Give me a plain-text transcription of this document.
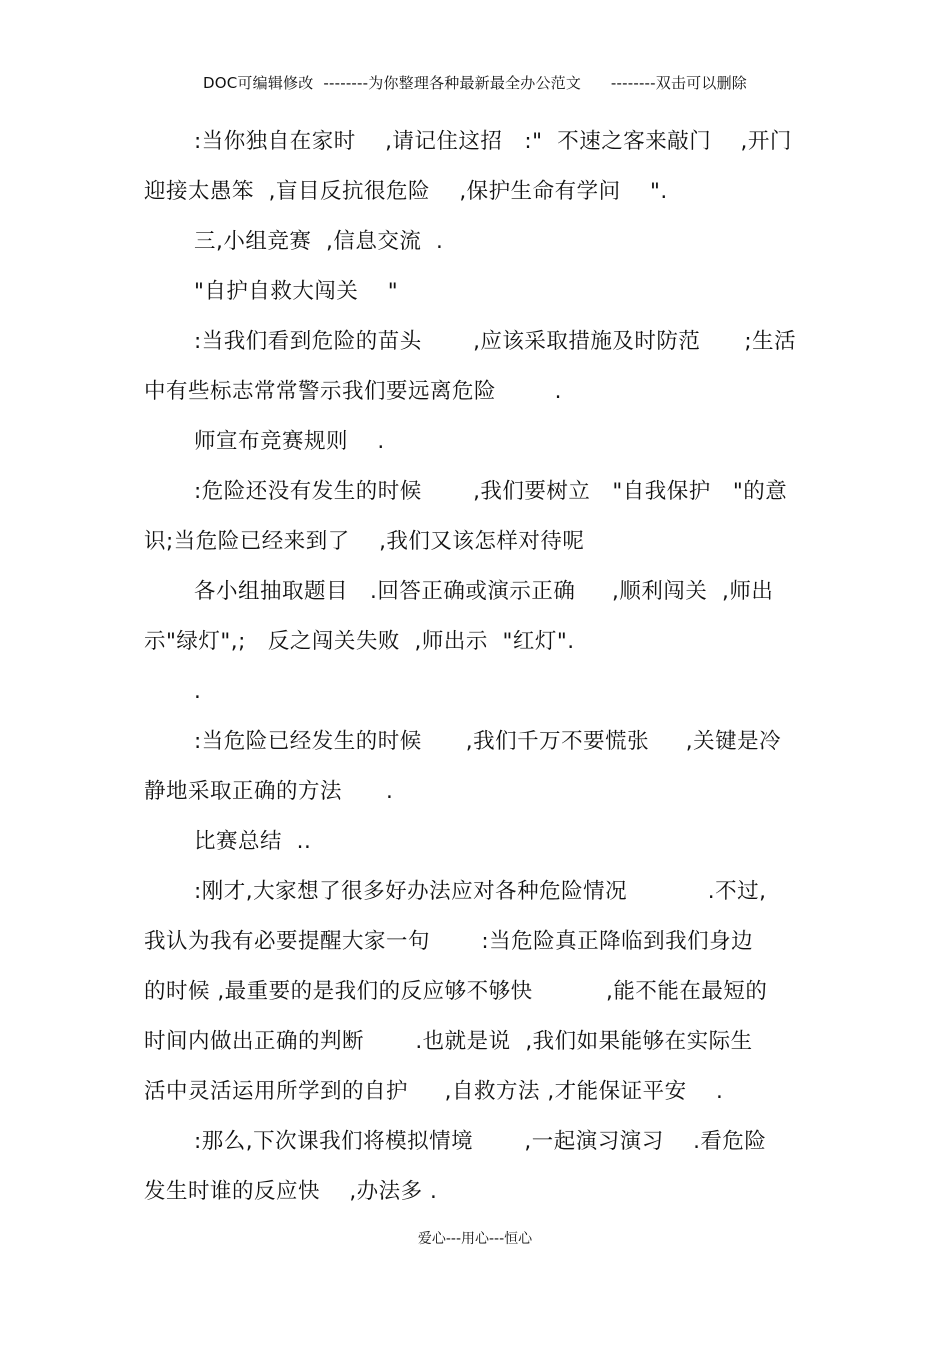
DOC可编辑修改  --------为你整理各种最新最全办公范文      --------双击可以删除
:当你独自在家时    ,请记住这招   :"  不速之客来敲门    ,开门
迎接太愚笨  ,盲目反抗很危险    ,保护生命有学问    ".
三,小组竞赛  ,信息交流  .
"自护自救大闯关    "
:当我们看到危险的苗头       ,应该采取措施及时防范      ;生活
中有些标志常常警示我们要远离危险        .
师宣布竞赛规则    .
:危险还没有发生的时候       ,我们要树立   "自我保护   "的意
识;当危险已经来到了    ,我们又该怎样对待呢
各小组抽取题目   .回答正确或演示正确     ,顺利闯关  ,师出
示"绿灯",;   反之闯关失败  ,师出示  "红灯".
.
:当危险已经发生的时候      ,我们千万不要慌张     ,关键是冷
静地采取正确的方法      .
比赛总结  ..
:刚才,大家想了很多好办法应对各种危险情况           .不过,
我认为我有必要提醒大家一句       :当危险真正降临到我们身边
的时候 ,最重要的是我们的反应够不够快          ,能不能在最短的
时间内做出正确的判断       .也就是说  ,我们如果能够在实际生
活中灵活运用所学到的自护     ,自救方法 ,才能保证平安    .
:那么,下次课我们将模拟情境       ,一起演习演习    .看危险
发生时谁的反应快    ,办法多 .
爱心---用心---恒心
